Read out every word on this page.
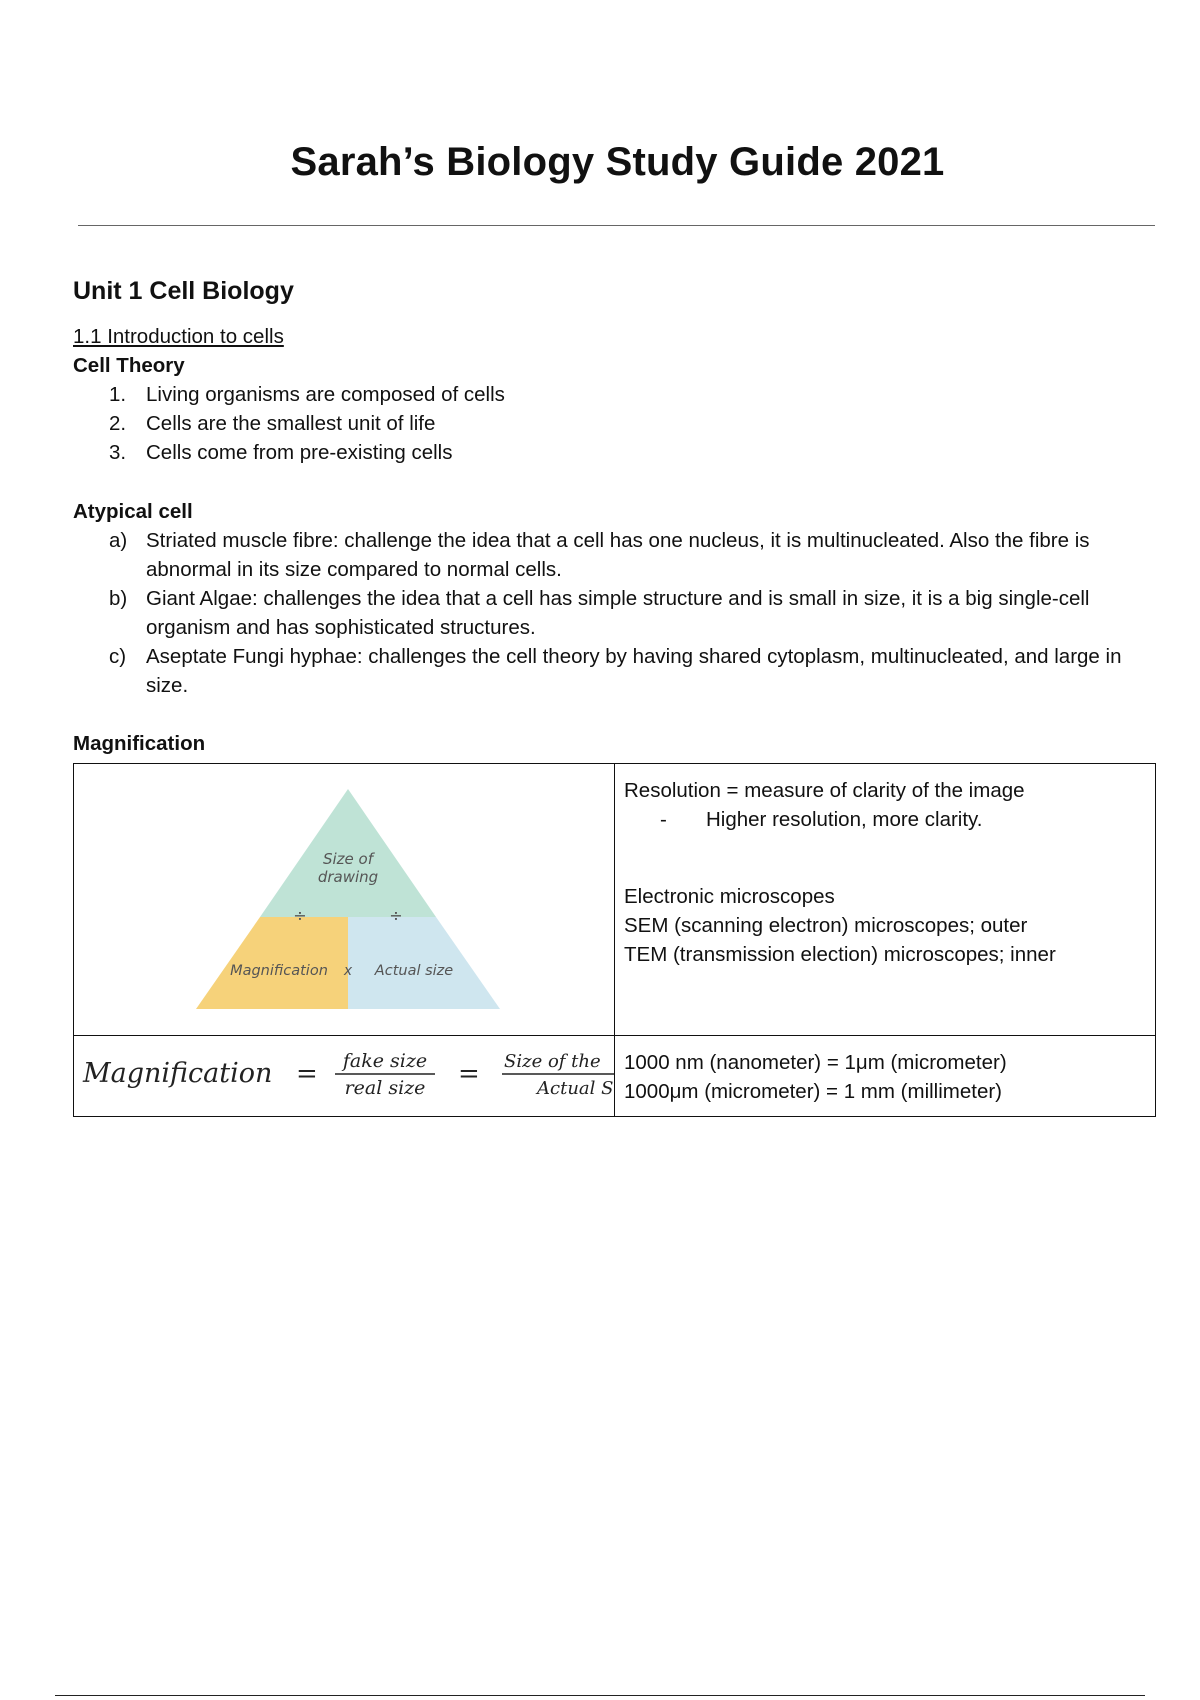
Sarah’s Biology Study Guide 2021
Unit 1 Cell Biology
1.1 Introduction to cells
Cell Theory
1. Living organisms are composed of cells
2. Cells are the smallest unit of life
3. Cells come from pre-existing cells
Atypical cell
a) Striated muscle fibre: challenge the idea that a cell has one nucleus, it is multinucleated. Also the fibre is abnormal in its size compared to normal cells.
b) Giant Algae: challenges the idea that a cell has simple structure and is small in size, it is a big single-cell organism and has sophisticated structures.
c) Aseptate Fungi hyphae: challenges the cell theory by having shared cytoplasm, multinucleated, and large in size.
Magnification
Size of
drawing
÷	÷
Magnification x Actual size
Resolution = measure of clarity of the image
- Higher resolution, more clarity.
Electronic microscopes
SEM (scanning electron) microscopes; outer
TEM (transmission election) microscopes; inner
Magnification = fake size
real size = Size of the
Actual S
1000 nm (nanometer) = 1μm (micrometer)
1000μm (micrometer) = 1 mm (millimeter)
